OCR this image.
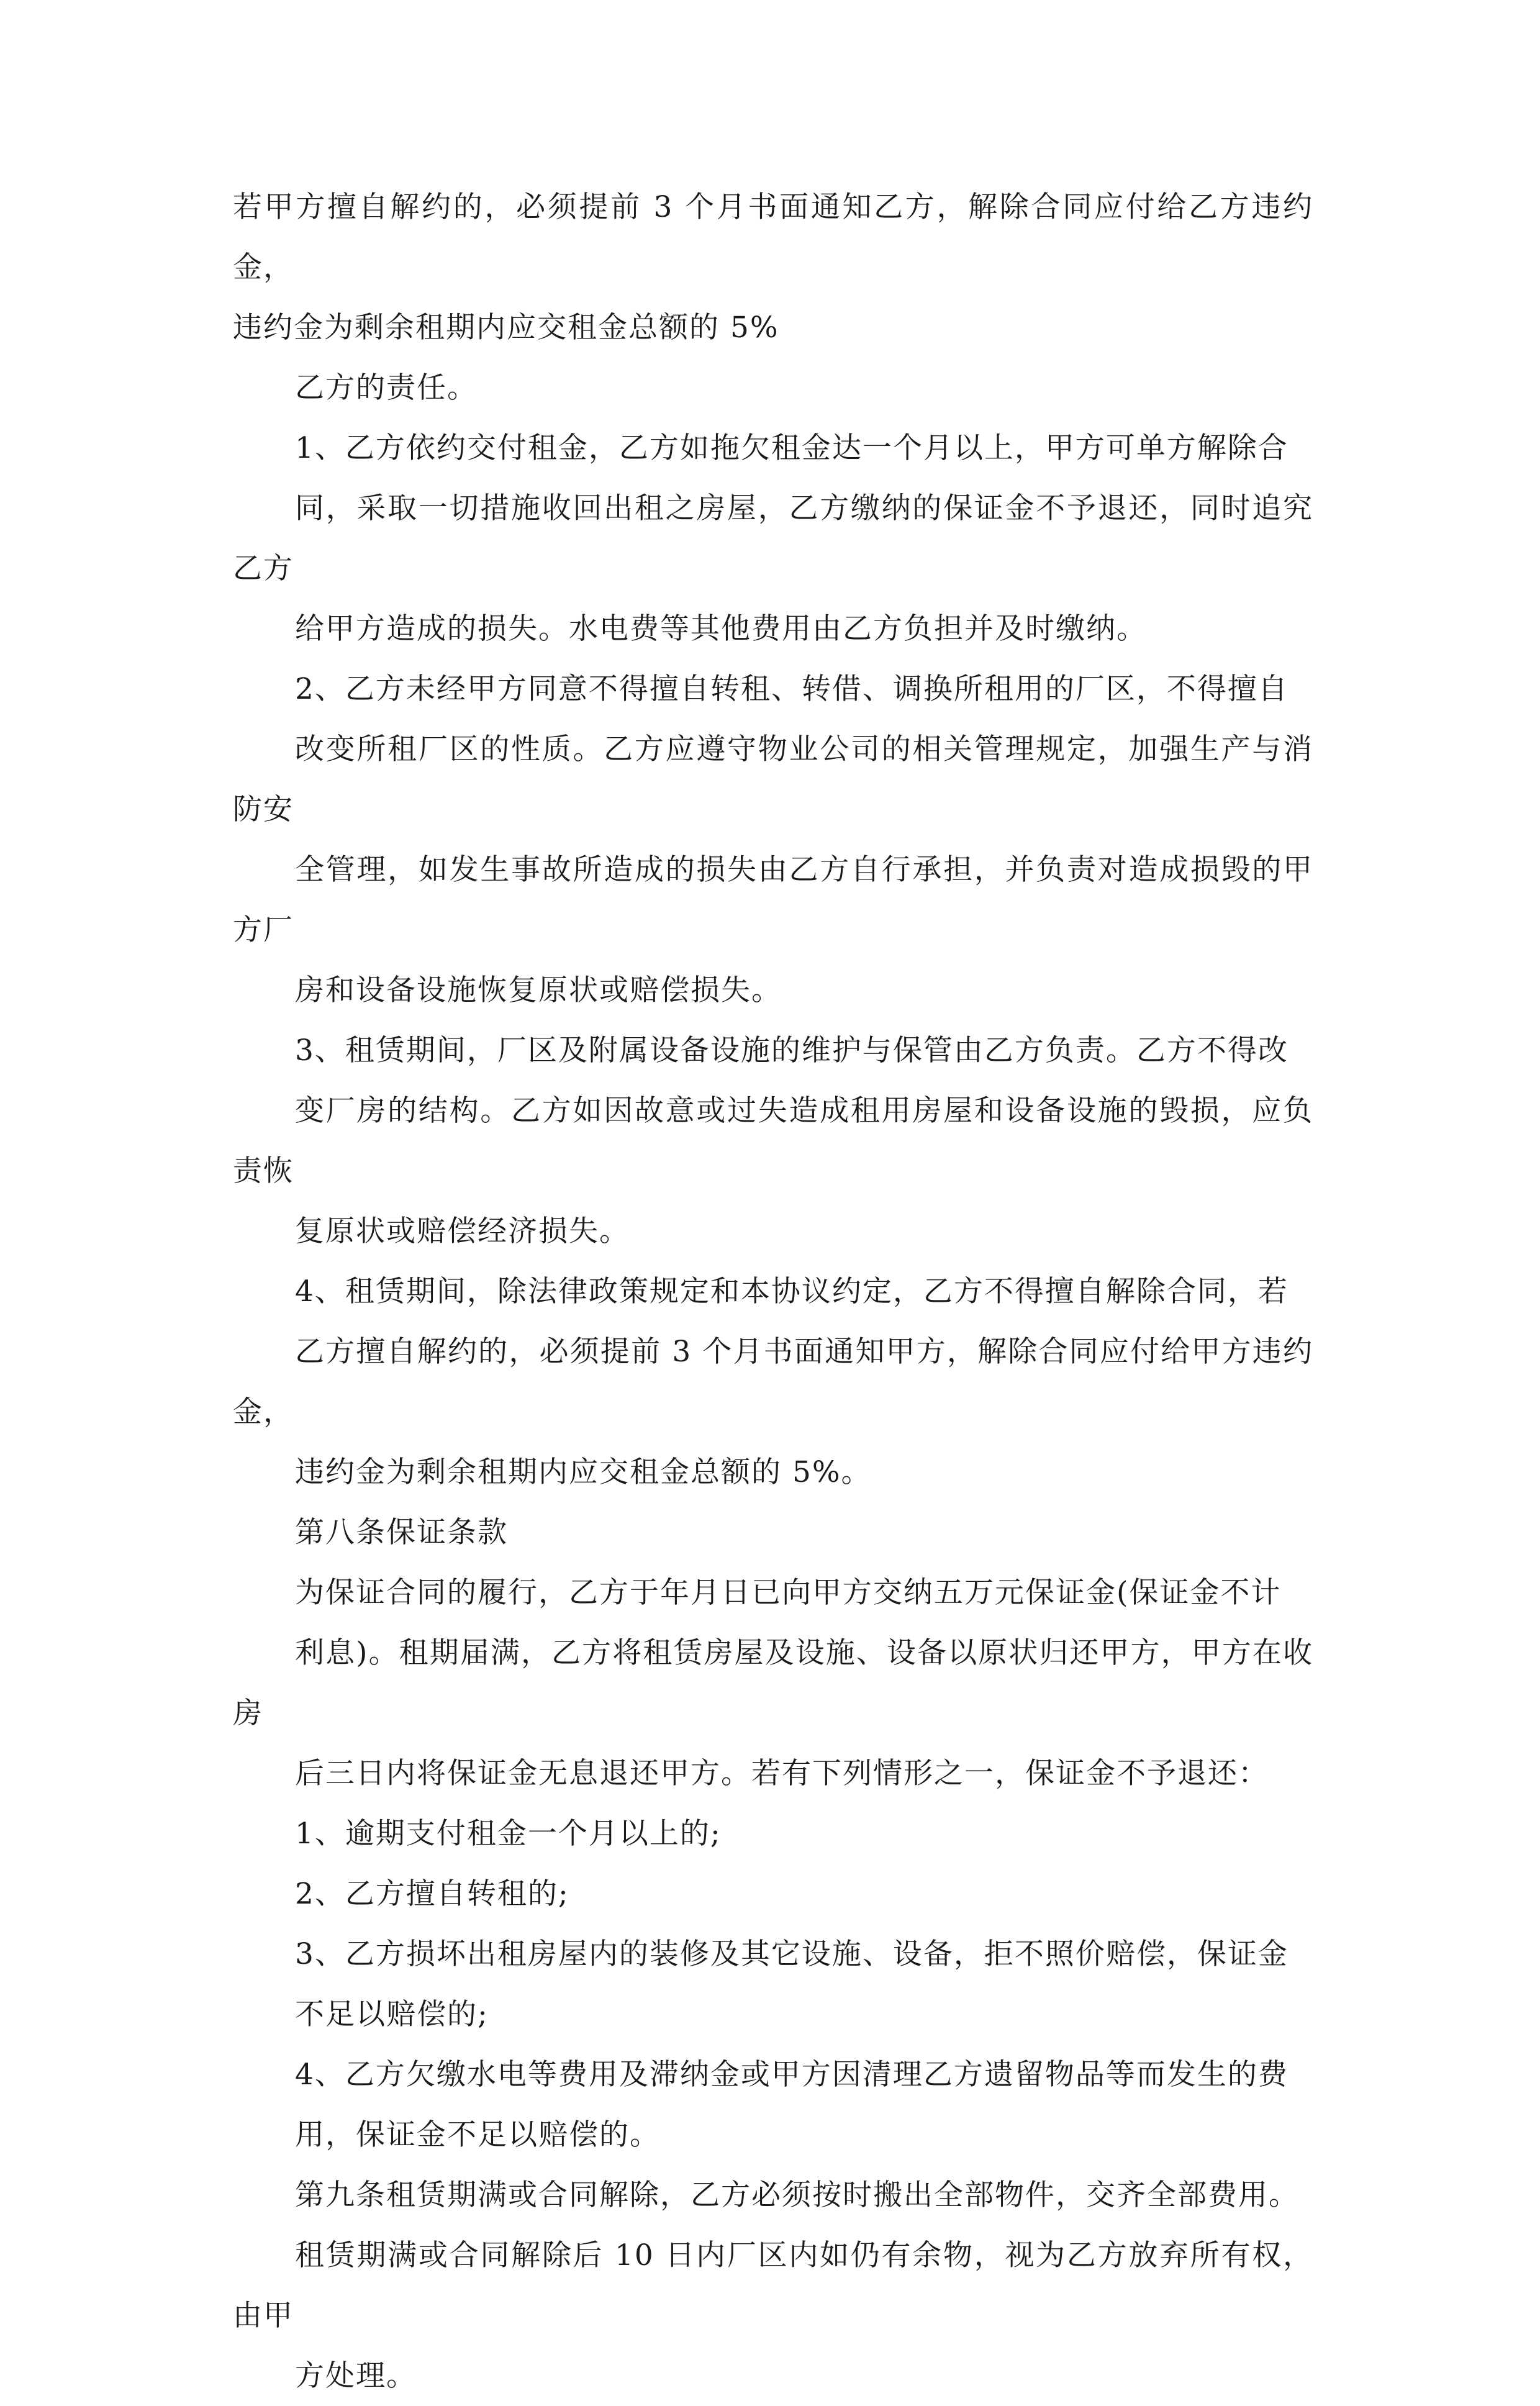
若甲方擅自解约的，必须提前 3 个月书面通知乙方，解除合同应付给乙方违约金，
违约金为剩余租期内应交租金总额的 5%

乙方的责任。

1、乙方依约交付租金，乙方如拖欠租金达一个月以上，甲方可单方解除合
同，采取一切措施收回出租之房屋，乙方缴纳的保证金不予退还，同时追究乙方
给甲方造成的损失。水电费等其他费用由乙方负担并及时缴纳。

2、乙方未经甲方同意不得擅自转租、转借、调换所租用的厂区，不得擅自
改变所租厂区的性质。乙方应遵守物业公司的相关管理规定，加强生产与消防安
全管理，如发生事故所造成的损失由乙方自行承担，并负责对造成损毁的甲方厂
房和设备设施恢复原状或赔偿损失。

3、租赁期间，厂区及附属设备设施的维护与保管由乙方负责。乙方不得改
变厂房的结构。乙方如因故意或过失造成租用房屋和设备设施的毁损，应负责恢
复原状或赔偿经济损失。

4、租赁期间，除法律政策规定和本协议约定，乙方不得擅自解除合同，若
乙方擅自解约的，必须提前 3 个月书面通知甲方，解除合同应付给甲方违约金，
违约金为剩余租期内应交租金总额的 5%。

第八条保证条款

为保证合同的履行，乙方于年月日已向甲方交纳五万元保证金(保证金不计
利息)。租期届满，乙方将租赁房屋及设施、设备以原状归还甲方，甲方在收房
后三日内将保证金无息退还甲方。若有下列情形之一，保证金不予退还：

1、逾期支付租金一个月以上的;

2、乙方擅自转租的;

3、乙方损坏出租房屋内的装修及其它设施、设备，拒不照价赔偿，保证金
不足以赔偿的;

4、乙方欠缴水电等费用及滞纳金或甲方因清理乙方遗留物品等而发生的费
用，保证金不足以赔偿的。

第九条租赁期满或合同解除，乙方必须按时搬出全部物件，交齐全部费用。
租赁期满或合同解除后 10 日内厂区内如仍有余物，视为乙方放弃所有权，由甲
方处理。
